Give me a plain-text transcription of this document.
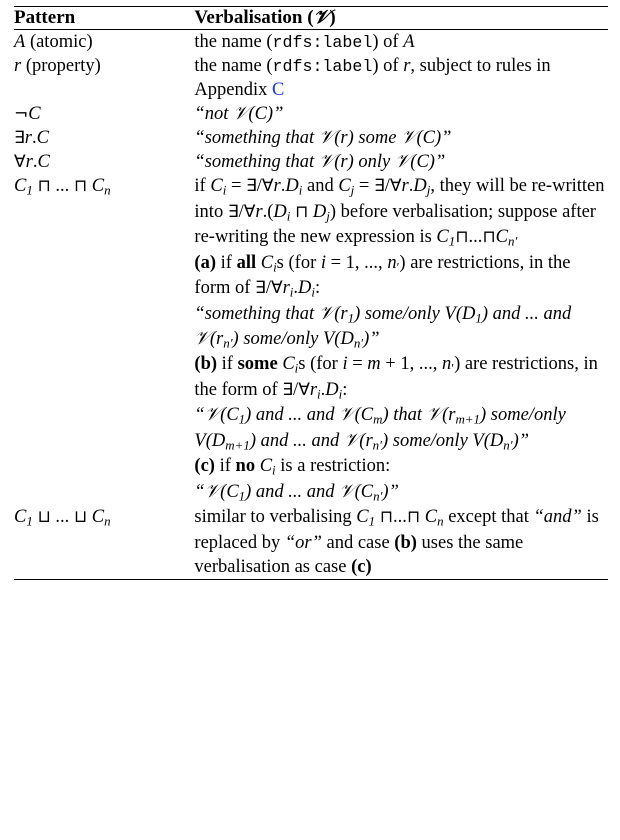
Pattern	Verbalisation (𝒱)
A (atomic)	the name (rdfs:label) of A
r (property)	the name (rdfs:label) of r, subject to rules in Appendix C
¬C	“not 𝒱(C)”
∃r.C	“something that 𝒱(r) some 𝒱(C)”
∀r.C	“something that 𝒱(r) only 𝒱(C)”
$C_1$ ⊓ ... ⊓ $C_n$	if $C_i$ = $\exists/\forall r.D_i$ and $C_j$ = $\exists/\forall r.D_j$, they will be re-written into $\exists/\forall r.(D_i$ ⊓ $D_j$) before verbalisation; suppose after re-writing the new expression is $C_1⊓...⊓C_{n'}$
(a) if all $C_is$ (for i = 1, ..., n′) are restrictions, in the form of $\exists/\forall r_i.D_i$:
“something that $𝒱(r_1)$ some/only $V(D_1)$ and ... and $𝒱(r_{n'})$ some/only $V(D_{n'})$”
(b) if some $C_is$ (for i = m + 1, ..., n′) are restrictions, in the form of $\exists/\forall r_i.D_i$:
“$𝒱(C_1)$ and ... and $𝒱(C_m)$ that $𝒱(r_{m+1})$ some/only $V(D_{m+1})$ and ... and $𝒱(r_{n'})$ some/only $V(D_{n'})$”
(c) if no $C_i$ is a restriction:
“$𝒱(C_1)$ and ... and $𝒱(C_{n'})$”

$C_1$ ⊔ ... ⊔ $C_n$	similar to verbalising $C_1$ ⊓...⊓ $C_n$ except that “and” is replaced by “or” and case (b) uses the same verbalisation as case (c)
